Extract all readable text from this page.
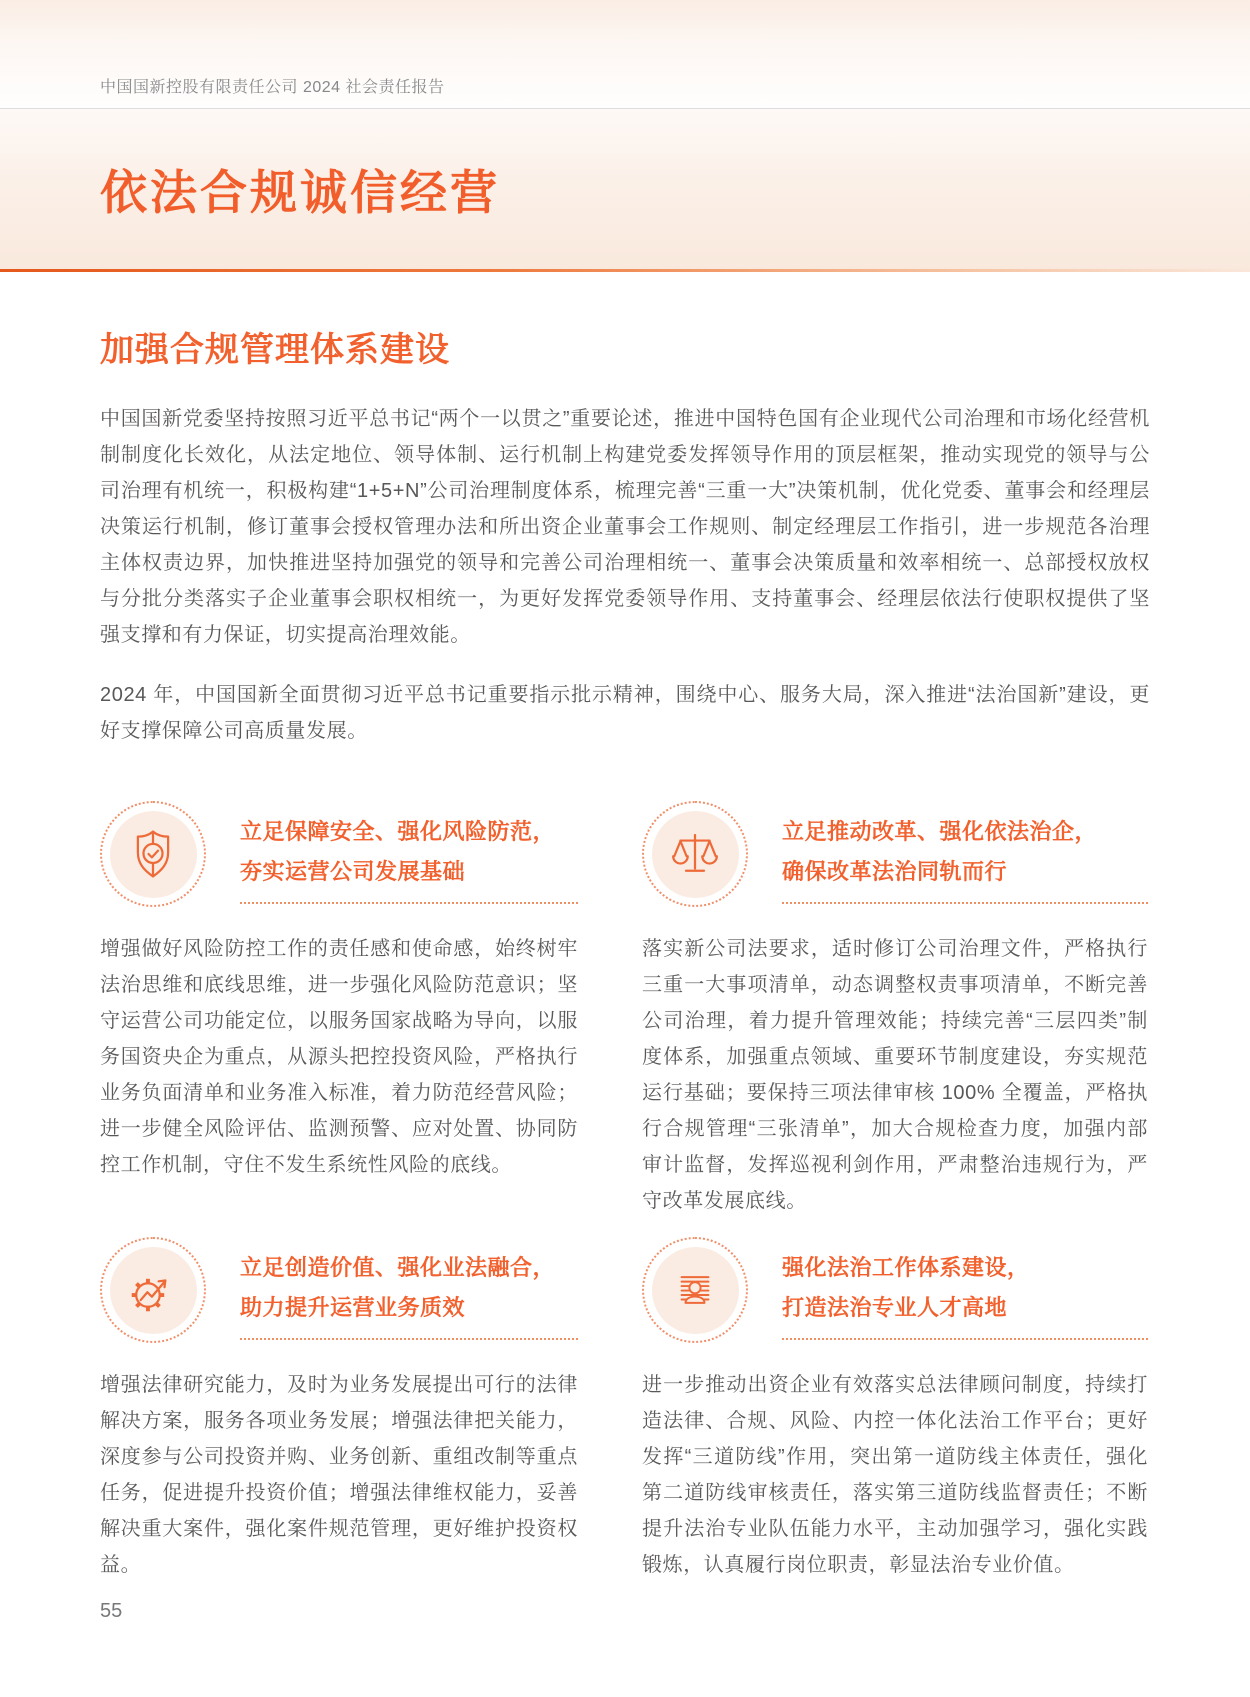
中国国新控股有限责任公司 2024 社会责任报告
依法合规诚信经营
加强合规管理体系建设

中国国新党委坚持按照习近平总书记“两个一以贯之”重要论述，推进中国特色国有企业现代公司治理和市场化经营机制制度化长效化，从法定地位、领导体制、运行机制上构建党委发挥领导作用的顶层框架，推动实现党的领导与公司治理有机统一，积极构建“1+5+N”公司治理制度体系，梳理完善“三重一大”决策机制，优化党委、董事会和经理层决策运行机制，修订董事会授权管理办法和所出资企业董事会工作规则、制定经理层工作指引，进一步规范各治理主体权责边界，加快推进坚持加强党的领导和完善公司治理相统一、董事会决策质量和效率相统一、总部授权放权与分批分类落实子企业董事会职权相统一，为更好发挥党委领导作用、支持董事会、经理层依法行使职权提供了坚强支撑和有力保证，切实提高治理效能。

2024 年，中国国新全面贯彻习近平总书记重要指示批示精神，围绕中心、服务大局，深入推进“法治国新”建设，更好支撑保障公司高质量发展。

立足保障安全、强化风险防范，
夯实运营公司发展基础

增强做好风险防控工作的责任感和使命感，始终树牢法治思维和底线思维，进一步强化风险防范意识；坚守运营公司功能定位，以服务国家战略为导向，以服务国资央企为重点，从源头把控投资风险，严格执行业务负面清单和业务准入标准，着力防范经营风险；进一步健全风险评估、监测预警、应对处置、协同防控工作机制，守住不发生系统性风险的底线。

立足推动改革、强化依法治企，
确保改革法治同轨而行

落实新公司法要求，适时修订公司治理文件，严格执行三重一大事项清单，动态调整权责事项清单，不断完善公司治理，着力提升管理效能；持续完善“三层四类”制度体系，加强重点领域、重要环节制度建设，夯实规范运行基础；要保持三项法律审核 100% 全覆盖，严格执行合规管理“三张清单”，加大合规检查力度，加强内部审计监督，发挥巡视利剑作用，严肃整治违规行为，严守改革发展底线。

立足创造价值、强化业法融合，
助力提升运营业务质效

增强法律研究能力，及时为业务发展提出可行的法律解决方案，服务各项业务发展；增强法律把关能力，深度参与公司投资并购、业务创新、重组改制等重点任务，促进提升投资价值；增强法律维权能力，妥善解决重大案件，强化案件规范管理，更好维护投资权益。

强化法治工作体系建设，
打造法治专业人才高地

进一步推动出资企业有效落实总法律顾问制度，持续打造法律、合规、风险、内控一体化法治工作平台；更好发挥“三道防线”作用，突出第一道防线主体责任，强化第二道防线审核责任，落实第三道防线监督责任；不断提升法治专业队伍能力水平，主动加强学习，强化实践锻炼，认真履行岗位职责，彰显法治专业价值。

55
